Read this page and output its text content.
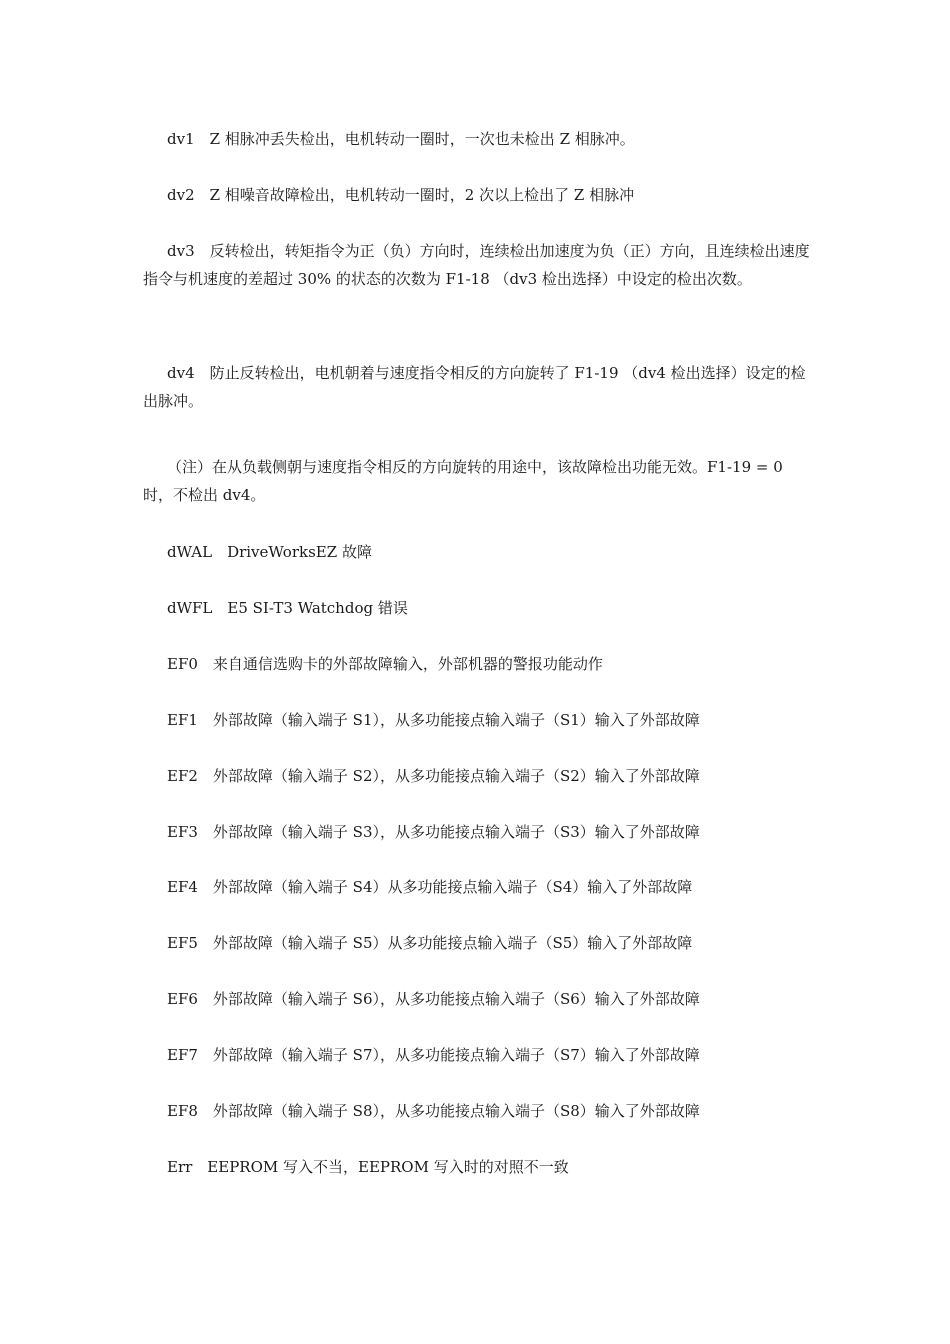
dv1　Z 相脉冲丢失检出，电机转动一圈时，一次也未检出 Z 相脉冲。

dv2　Z 相噪音故障检出，电机转动一圈时，2 次以上检出了 Z 相脉冲

dv3　反转检出，转矩指令为正（负）方向时，连续检出加速度为负（正）方向，且连续检出速度指令与机速度的差超过 30% 的状态的次数为 F1-18 （dv3 检出选择）中设定的检出次数。

dv4　防止反转检出，电机朝着与速度指令相反的方向旋转了 F1-19 （dv4 检出选择）设定的检出脉冲。

（注）在从负载侧朝与速度指令相反的方向旋转的用途中，该故障检出功能无效。F1-19 = 0 时，不检出 dv4。

dWAL　DriveWorksEZ 故障

dWFL　E5 SI-T3 Watchdog 错误

EF0　来自通信选购卡的外部故障输入，外部机器的警报功能动作

EF1　外部故障（输入端子 S1），从多功能接点输入端子（S1）输入了外部故障

EF2　外部故障（输入端子 S2），从多功能接点输入端子（S2）输入了外部故障

EF3　外部故障（输入端子 S3），从多功能接点输入端子（S3）输入了外部故障

EF4　外部故障（输入端子 S4）从多功能接点输入端子（S4）输入了外部故障

EF5　外部故障（输入端子 S5）从多功能接点输入端子（S5）输入了外部故障

EF6　外部故障（输入端子 S6），从多功能接点输入端子（S6）输入了外部故障

EF7　外部故障（输入端子 S7），从多功能接点输入端子（S7）输入了外部故障

EF8　外部故障（输入端子 S8），从多功能接点输入端子（S8）输入了外部故障

Err　EEPROM 写入不当，EEPROM 写入时的对照不一致
